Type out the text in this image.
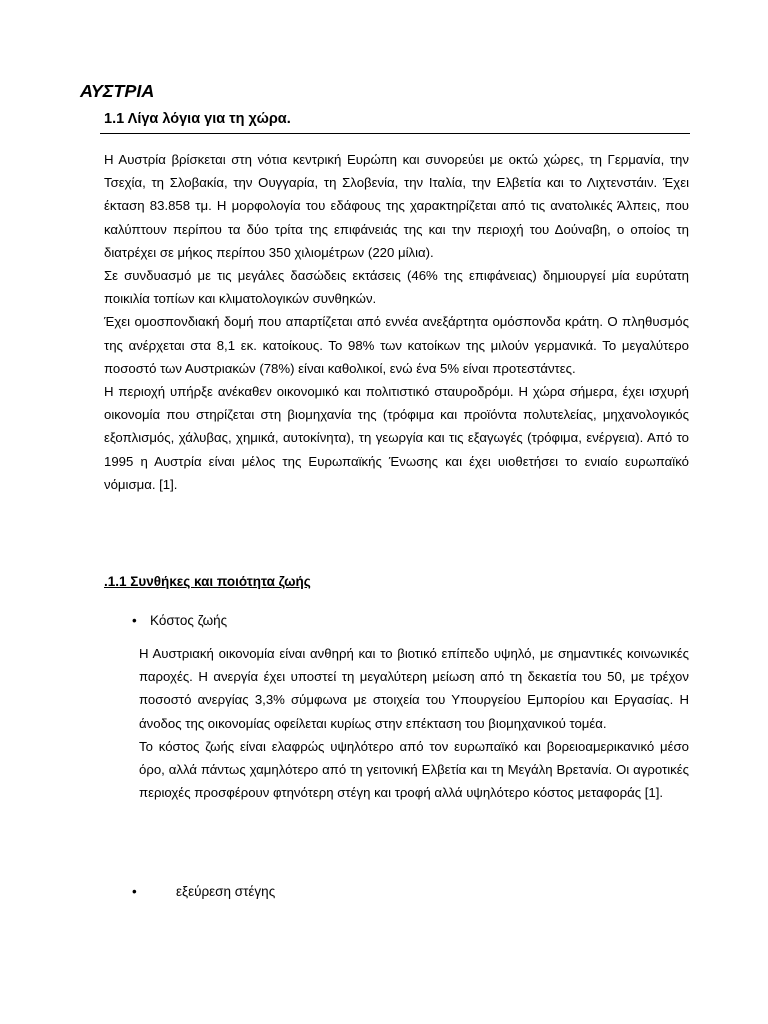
ΑΥΣΤΡΙΑ
1.1 Λίγα λόγια για τη χώρα.

Η Αυστρία βρίσκεται στη νότια κεντρική Ευρώπη και συνορεύει με οκτώ χώρες, τη Γερμανία, την Τσεχία, τη Σλοβακία, την Ουγγαρία, τη Σλοβενία, την Ιταλία, την Ελβετία και το Λιχτενστάιν. Έχει έκταση 83.858 τμ. Η μορφολογία του εδάφους της χαρακτηρίζεται από τις ανατολικές Άλπεις, που καλύπτουν περίπου τα δύο τρίτα της επιφάνειάς της και την περιοχή του Δούναβη, ο οποίος τη διατρέχει σε μήκος περίπου 350 χιλιομέτρων (220 μίλια).

Σε συνδυασμό με τις μεγάλες δασώδεις εκτάσεις (46% της επιφάνειας) δημιουργεί μία ευρύτατη ποικιλία τοπίων και κλιματολογικών συνθηκών.

Έχει ομοσπονδιακή δομή που απαρτίζεται από εννέα ανεξάρτητα ομόσπονδα κράτη. Ο πληθυσμός της ανέρχεται στα 8,1 εκ. κατοίκους. Το 98% των κατοίκων της μιλούν γερμανικά. Το μεγαλύτερο ποσοστό των Αυστριακών (78%) είναι καθολικοί, ενώ ένα 5% είναι προτεστάντες.

Η περιοχή υπήρξε ανέκαθεν οικονομικό και πολιτιστικό σταυροδρόμι. Η χώρα σήμερα, έχει ισχυρή οικονομία που στηρίζεται στη βιομηχανία της (τρόφιμα και προϊόντα πολυτελείας, μηχανολογικός εξοπλισμός, χάλυβας, χημικά, αυτοκίνητα), τη γεωργία και τις εξαγωγές (τρόφιμα, ενέργεια). Από το 1995 η Αυστρία είναι μέλος της Ευρωπαϊκής Ένωσης και έχει υιοθετήσει το ενιαίο ευρωπαϊκό νόμισμα. [1].

.1.1 Συνθήκες και ποιότητα ζωής
• Κόστος ζωής

Η Αυστριακή οικονομία είναι ανθηρή και το βιοτικό επίπεδο υψηλό, με σημαντικές κοινωνικές παροχές. Η ανεργία έχει υποστεί τη μεγαλύτερη μείωση από τη δεκαετία του 50, με τρέχον ποσοστό ανεργίας 3,3% σύμφωνα με στοιχεία του Υπουργείου Εμπορίου και Εργασίας. Η άνοδος της οικονομίας οφείλεται κυρίως στην επέκταση του βιομηχανικού τομέα.

Το κόστος ζωής είναι ελαφρώς υψηλότερο από τον ευρωπαϊκό και βορειοαμερικανικό μέσο όρο, αλλά πάντως χαμηλότερο από τη γειτονική Ελβετία και τη Μεγάλη Βρετανία. Οι αγροτικές περιοχές προσφέρουν φτηνότερη στέγη και τροφή αλλά υψηλότερο κόστος μεταφοράς [1].

•	εξεύρεση στέγης
